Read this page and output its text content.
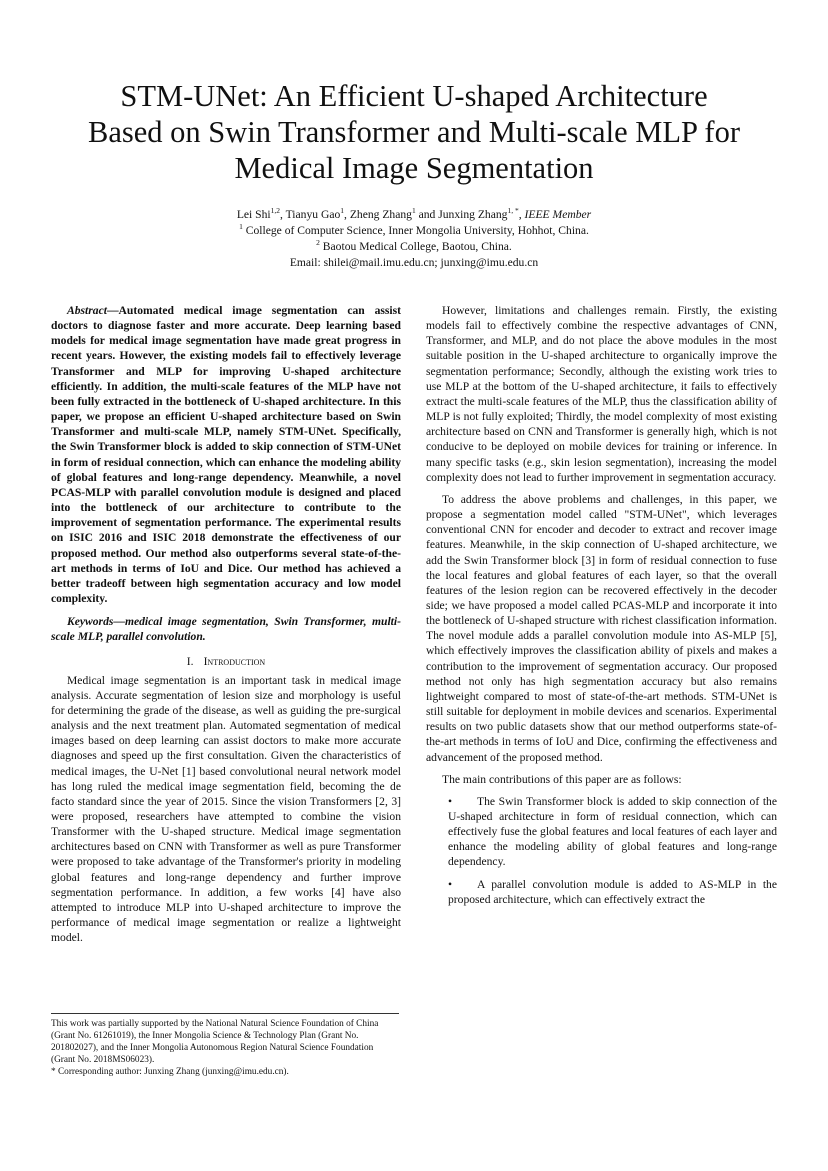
STM-UNet: An Efficient U-shaped Architecture
Based on Swin Transformer and Multi-scale MLP for
Medical Image Segmentation
Lei Shi$^{1,2}$, Tianyu Gao$^1$, Zheng Zhang$^1$ and Junxing Zhang$^{1, *}$, IEEE Member
$^1$ College of Computer Science, Inner Mongolia University, Hohhot, China.
$^2$ Baotou Medical College, Baotou, China.
Email: shilei@mail.imu.edu.cn; junxing@imu.edu.cn

Abstract—Automated medical image segmentation can assist doctors to diagnose faster and more accurate. Deep learning based models for medical image segmentation have made great progress in recent years. However, the existing models fail to effectively leverage Transformer and MLP for improving U-shaped architecture efficiently. In addition, the multi-scale features of the MLP have not been fully extracted in the bottleneck of U-shaped architecture. In this paper, we propose an efficient U-shaped architecture based on Swin Transformer and multi-scale MLP, namely STM-UNet. Specifically, the Swin Transformer block is added to skip connection of STM-UNet in form of residual connection, which can enhance the modeling ability of global features and long-range dependency. Meanwhile, a novel PCAS-MLP with parallel convolution module is designed and placed into the bottleneck of our architecture to contribute to the improvement of segmentation performance. The experimental results on ISIC 2016 and ISIC 2018 demonstrate the effectiveness of our proposed method. Our method also outperforms several state-of-the-art methods in terms of IoU and Dice. Our method has achieved a better tradeoff between high segmentation accuracy and low model complexity.

Keywords—medical image segmentation, Swin Transformer, multi-scale MLP, parallel convolution.

I. Introduction

Medical image segmentation is an important task in medical image analysis. Accurate segmentation of lesion size and morphology is useful for determining the grade of the disease, as well as guiding the pre-surgical analysis and the next treatment plan. Automated segmentation of medical images based on deep learning can assist doctors to make more accurate diagnoses and speed up the first consultation. Given the characteristics of medical images, the U-Net [1] based convolutional neural network model has long ruled the medical image segmentation field, becoming the de facto standard since the year of 2015. Since the vision Transformers [2, 3] were proposed, researchers have attempted to combine the vision Transformer with the U-shaped structure. Medical image segmentation architectures based on CNN with Transformer as well as pure Transformer were proposed to take advantage of the Transformer's priority in modeling global features and long-range dependency and further improve segmentation performance. In addition, a few works [4] have also attempted to introduce MLP into U-shaped architecture to improve the performance of medical image segmentation or realize a lightweight model.

However, limitations and challenges remain. Firstly, the existing models fail to effectively combine the respective advantages of CNN, Transformer, and MLP, and do not place the above modules in the most suitable position in the U-shaped architecture to organically improve the segmentation performance; Secondly, although the existing work tries to use MLP at the bottom of the U-shaped architecture, it fails to effectively extract the multi-scale features of the MLP, thus the classification ability of MLP is not fully exploited; Thirdly, the model complexity of most existing architecture based on CNN and Transformer is generally high, which is not conducive to be deployed on mobile devices for training or inference. In many specific tasks (e.g., skin lesion segmentation), increasing the model complexity does not lead to further improvement in segmentation accuracy.

To address the above problems and challenges, in this paper, we propose a segmentation model called "STM-UNet", which leverages conventional CNN for encoder and decoder to extract and recover image features. Meanwhile, in the skip connection of U-shaped architecture, we add the Swin Transformer block [3] in form of residual connection to fuse the local features and global features of each layer, so that the overall features of the lesion region can be recovered effectively in the decoder side; we have proposed a model called PCAS-MLP and incorporate it into the bottleneck of U-shaped structure with richest classification information. The novel module adds a parallel convolution module into AS-MLP [5], which effectively improves the classification ability of pixels and makes a contribution to the improvement of segmentation accuracy. Our proposed method not only has high segmentation accuracy but also remains lightweight compared to most of state-of-the-art methods. STM-UNet is still suitable for deployment in mobile devices and scenarios. Experimental results on two public datasets show that our method outperforms state-of-the-art methods in terms of IoU and Dice, confirming the effectiveness and advancement of the proposed method.

The main contributions of this paper are as follows:

•	The Swin Transformer block is added to skip connection of the U-shaped architecture in form of residual connection, which can effectively fuse the global features and local features of each layer and enhance the modeling ability of global features and long-range dependency.

•	A parallel convolution module is added to AS-MLP in the proposed architecture, which can effectively extract the

This work was partially supported by the National Natural Science Foundation of China (Grant No. 61261019), the Inner Mongolia Science & Technology Plan (Grant No. 201802027), and the Inner Mongolia Autonomous Region Natural Science Foundation (Grant No. 2018MS06023).

* Corresponding author: Junxing Zhang (junxing@imu.edu.cn).
